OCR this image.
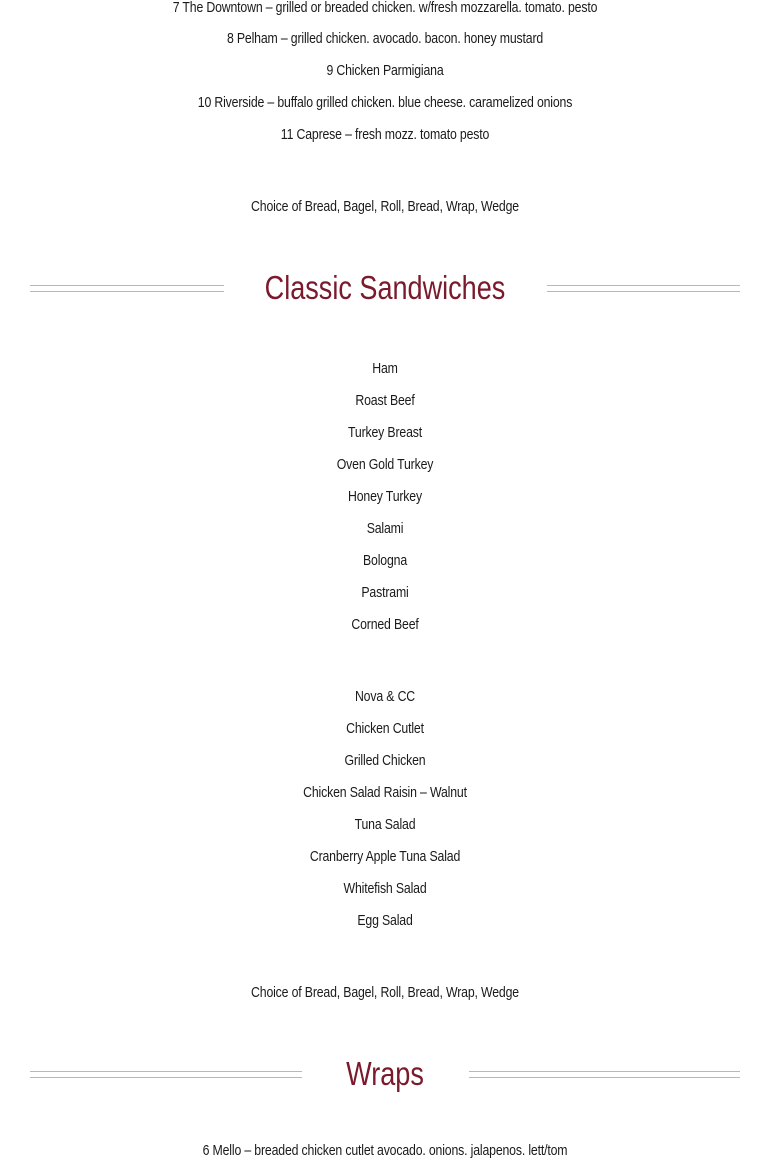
7 The Downtown – grilled or breaded chicken. w/fresh mozzarella. tomato. pesto
8 Pelham – grilled chicken. avocado. bacon. honey mustard
9 Chicken Parmigiana
10 Riverside – buffalo grilled chicken. blue cheese. caramelized onions
11 Caprese – fresh mozz. tomato pesto
Choice of Bread, Bagel, Roll, Bread, Wrap, Wedge
Classic Sandwiches
Ham
Roast Beef
Turkey Breast
Oven Gold Turkey
Honey Turkey
Salami
Bologna
Pastrami
Corned Beef
Nova & CC
Chicken Cutlet
Grilled Chicken
Chicken Salad Raisin – Walnut
Tuna Salad
Cranberry Apple Tuna Salad
Whitefish Salad
Egg Salad
Choice of Bread, Bagel, Roll, Bread, Wrap, Wedge
Wraps
6 Mello – breaded chicken cutlet avocado. onions. jalapenos. lett/tom
